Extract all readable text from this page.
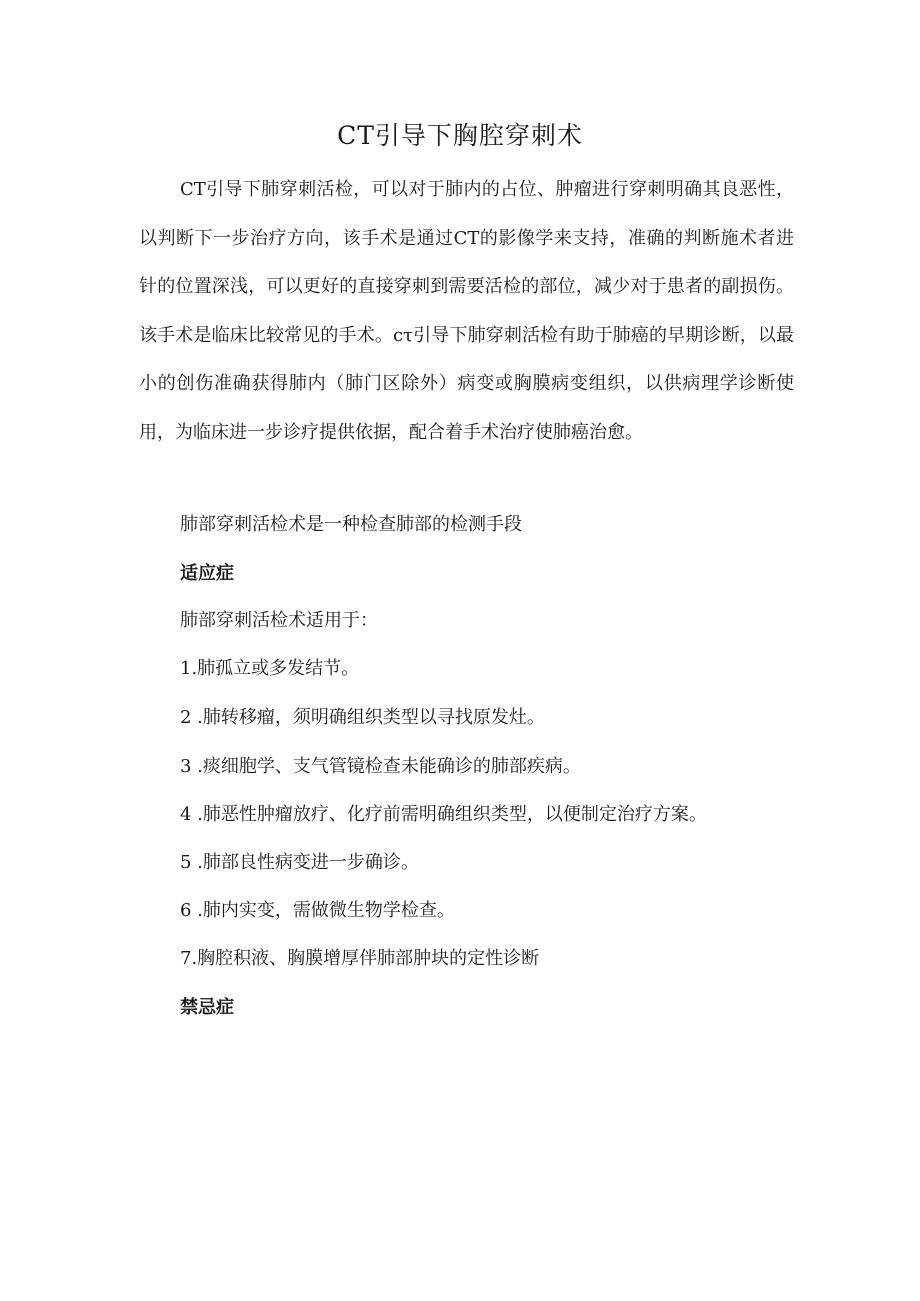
CT引导下胸腔穿刺术

CT引导下肺穿刺活检，可以对于肺内的占位、肿瘤进行穿刺明确其良恶性，以判断下一步治疗方向，该手术是通过CT的影像学来支持，准确的判断施术者进针的位置深浅，可以更好的直接穿刺到需要活检的部位，减少对于患者的副损伤。该手术是临床比较常见的手术。cτ引导下肺穿刺活检有助于肺癌的早期诊断，以最小的创伤准确获得肺内（肺门区除外）病变或胸膜病变组织，以供病理学诊断使用，为临床进一步诊疗提供依据，配合着手术治疗使肺癌治愈。

肺部穿刺活检术是一种检查肺部的检测手段

适应症

肺部穿刺活检术适用于：

1.肺孤立或多发结节。

2 .肺转移瘤，须明确组织类型以寻找原发灶。

3 .痰细胞学、支气管镜检查未能确诊的肺部疾病。

4 .肺恶性肿瘤放疗、化疗前需明确组织类型，以便制定治疗方案。

5 .肺部良性病变进一步确诊。

6 .肺内实变，需做微生物学检查。

7.胸腔积液、胸膜增厚伴肺部肿块的定性诊断

禁忌症
